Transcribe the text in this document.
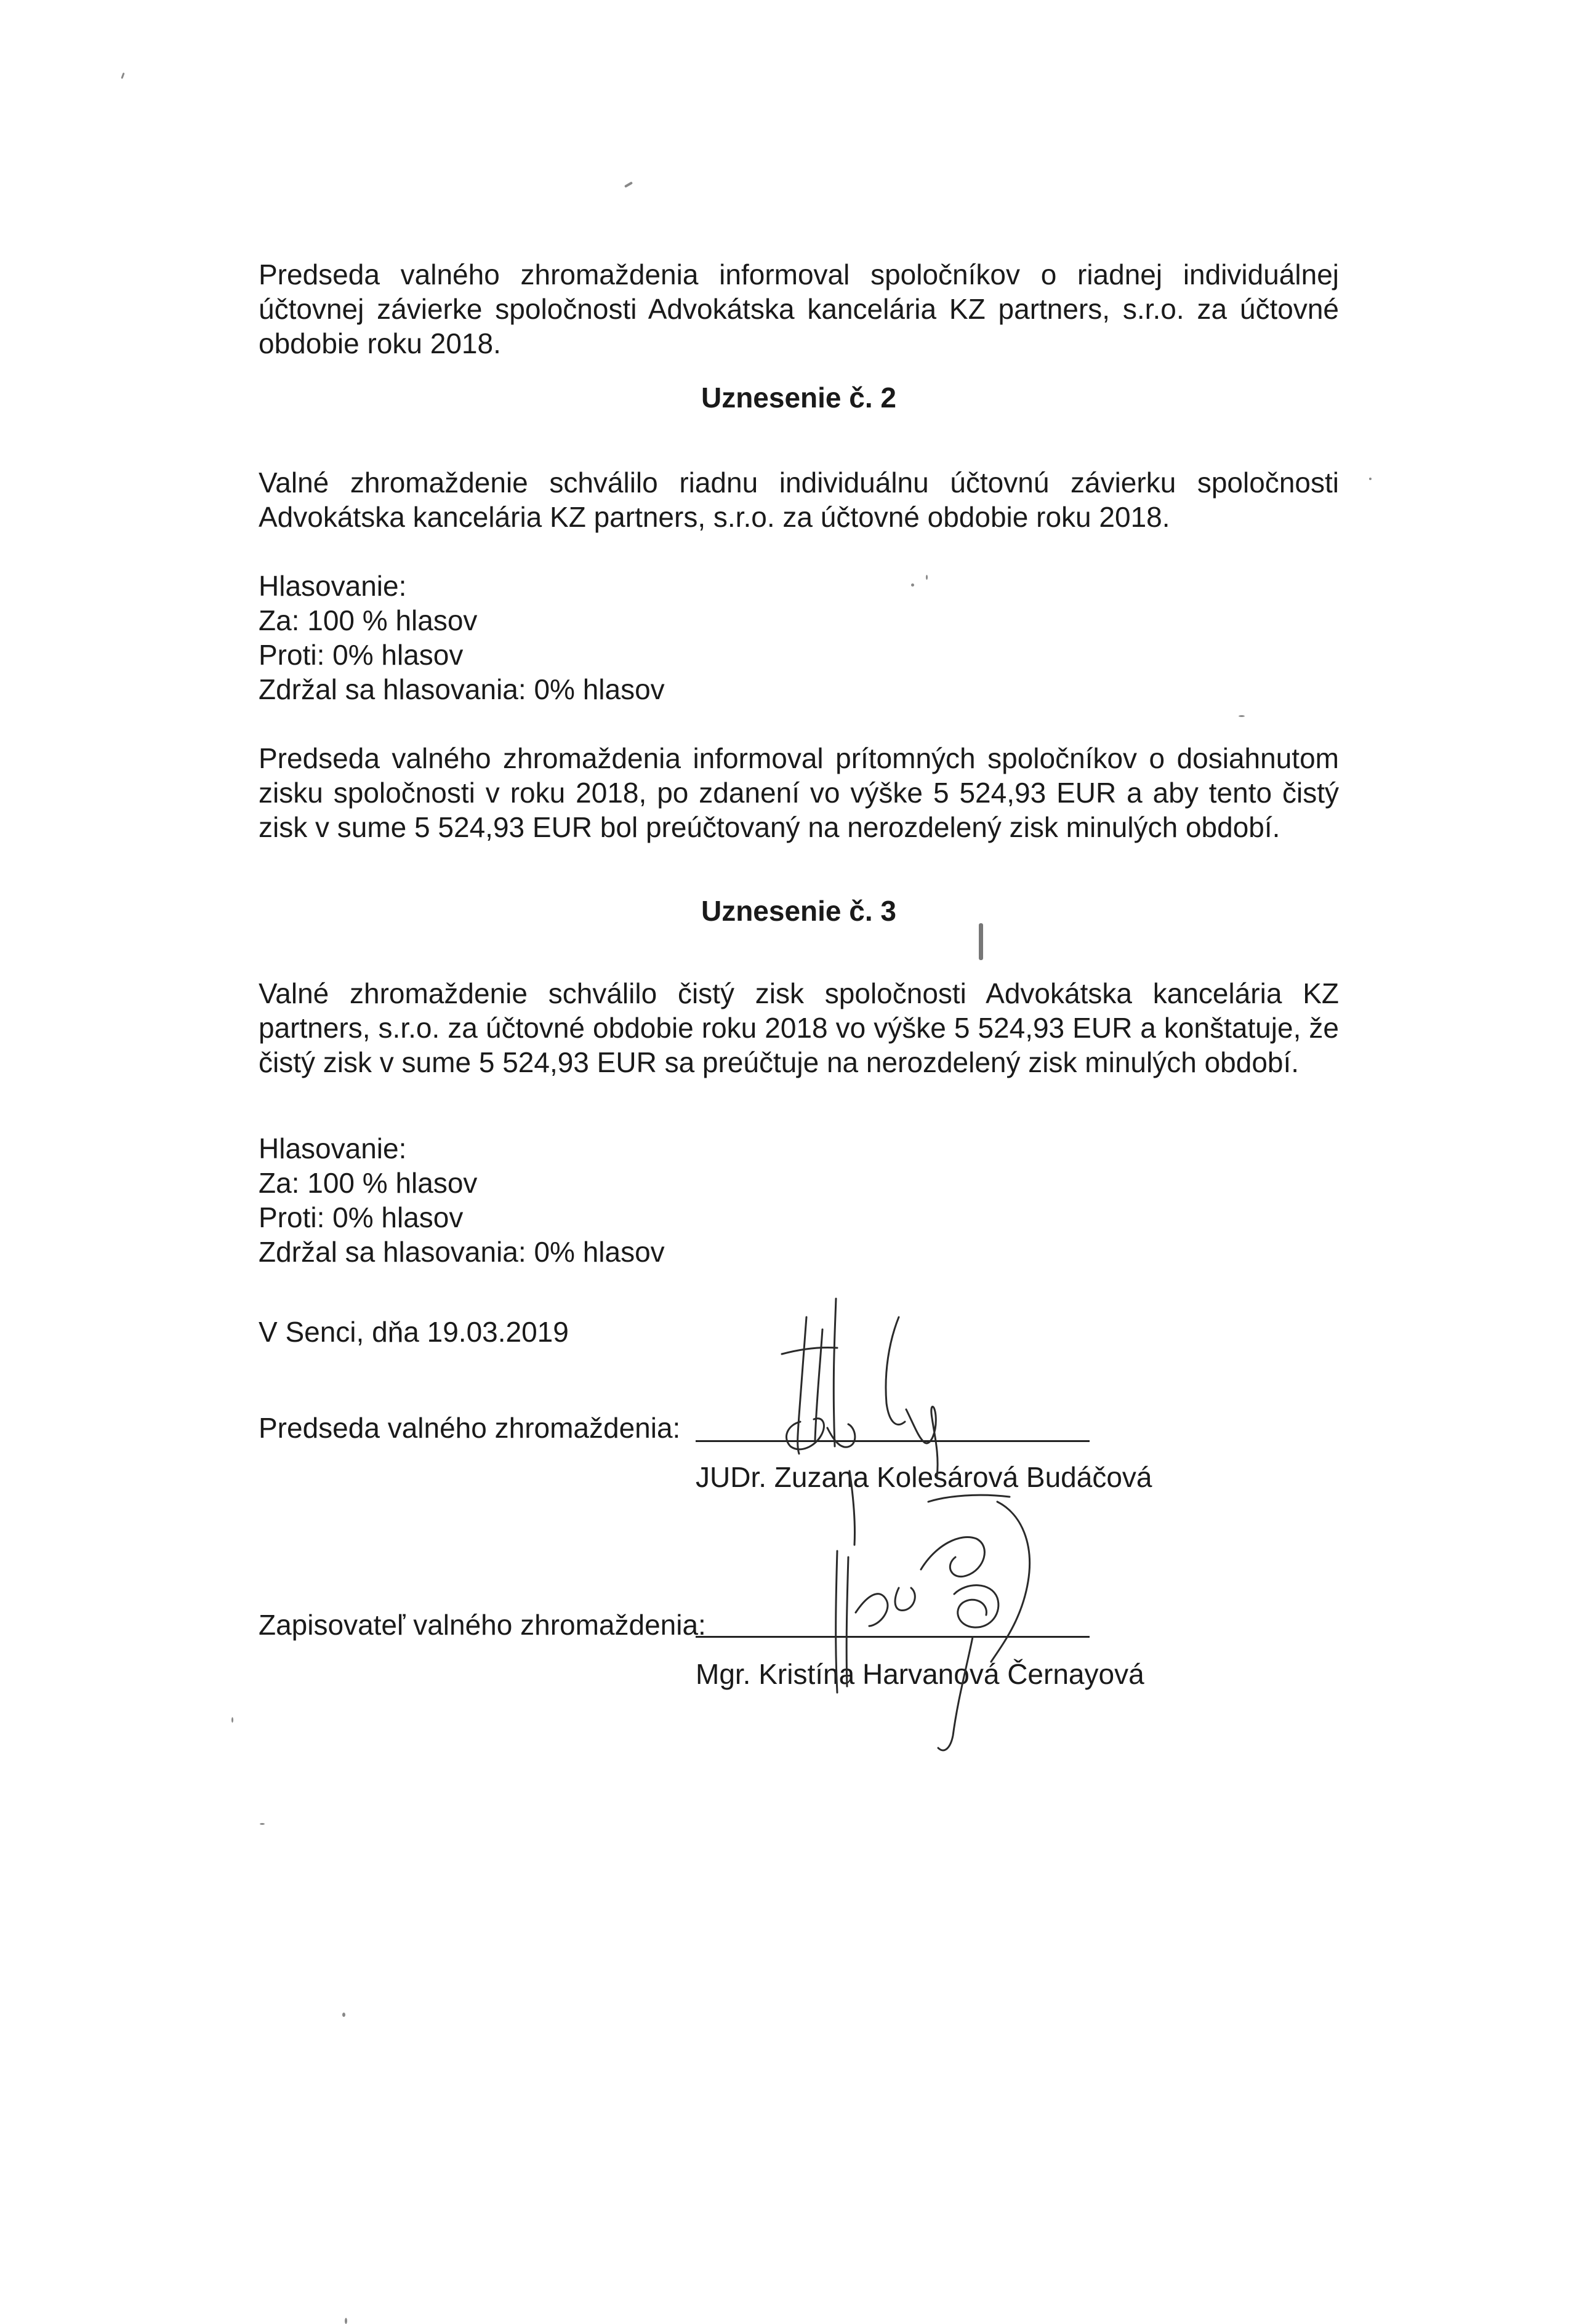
Predseda valného zhromaždenia informoval spoločníkov o riadnej individuálnej účtovnej závierke spoločnosti Advokátska kancelária KZ partners, s.r.o. za účtovné obdobie roku 2018.
Uznesenie č. 2
Valné zhromaždenie schválilo riadnu individuálnu účtovnú závierku spoločnosti Advokátska kancelária KZ partners, s.r.o. za účtovné obdobie roku 2018.
Hlasovanie:
Za: 100 % hlasov
Proti: 0% hlasov
Zdržal sa hlasovania: 0% hlasov
Predseda valného zhromaždenia informoval prítomných spoločníkov o dosiahnutom zisku spoločnosti v roku 2018, po zdanení vo výške 5 524,93 EUR a aby tento čistý zisk v sume 5 524,93 EUR bol preúčtovaný na nerozdelený zisk minulých období.
Uznesenie č. 3
Valné zhromaždenie schválilo čistý zisk spoločnosti Advokátska kancelária KZ partners, s.r.o. za účtovné obdobie roku 2018 vo výške 5 524,93 EUR a konštatuje, že čistý zisk v sume 5 524,93 EUR sa preúčtuje na nerozdelený zisk minulých období.
Hlasovanie:
Za: 100 % hlasov
Proti: 0% hlasov
Zdržal sa hlasovania: 0% hlasov
V Senci, dňa 19.03.2019
Predseda valného zhromaždenia:
JUDr. Zuzana Kolesárová Budáčová
Zapisovateľ valného zhromaždenia:
Mgr. Kristína Harvanová Černayová
